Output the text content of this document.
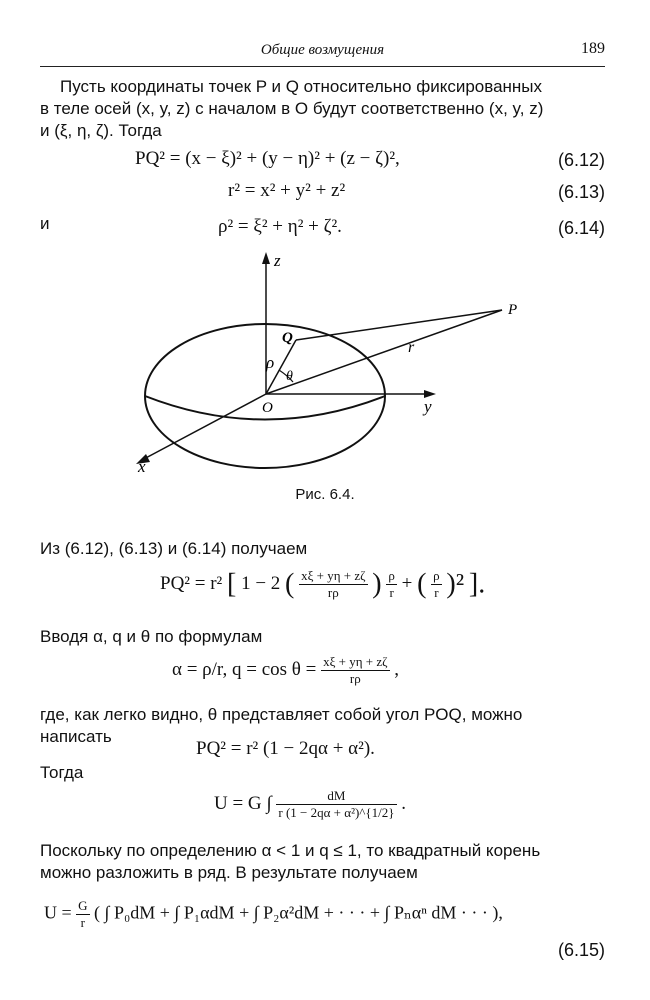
Общие возмущения	189
Пусть координаты точек P и Q относительно фиксированных
в теле осей (x, y, z) с началом в O будут соответственно (x, y, z)
и (ξ, η, ζ). Тогда
PQ² = (x − ξ)² + (y − η)² + (z − ζ)²,	(6.12)
r² = x² + y² + z²	(6.13)
и	ρ² = ξ² + η² + ζ².	(6.14)
z
y
x
O
P
Q
ρ
θ
r
Рис. 6.4.
Из (6.12), (6.13) и (6.14) получаем
PQ² = r² [ 1 − 2 ( $\frac{x\xi + y\eta + z\zeta}{r\rho}$ ) $\frac{\rho}{r}$ + ( $\frac{\rho}{r} )^2$ ].
Вводя α, q и θ по формулам
α = ρ/r, $q = \cos \theta = \frac{x\xi + y\eta + z\zeta}{r\rho}$ ,
где, как легко видно, θ представляет собой угол POQ, можно
написать
PQ² = r² (1 − 2qα + α²).
Тогда
U = G ∫ $\frac{dM}{\text{r (1 − 2qα + α²)\textasciicircum{}\{1/2\}}}$ .
Поскольку по определению α < 1 и q ≤ 1, то квадратный корень
можно разложить в ряд. В результате получаем
$U = \frac{G}{r}$ ( ∫ P₀dM + ∫ P₁αdM + ∫ P₂α²dM + · · · + ∫ Pₙαⁿ dM · · · ),
(6.15)
